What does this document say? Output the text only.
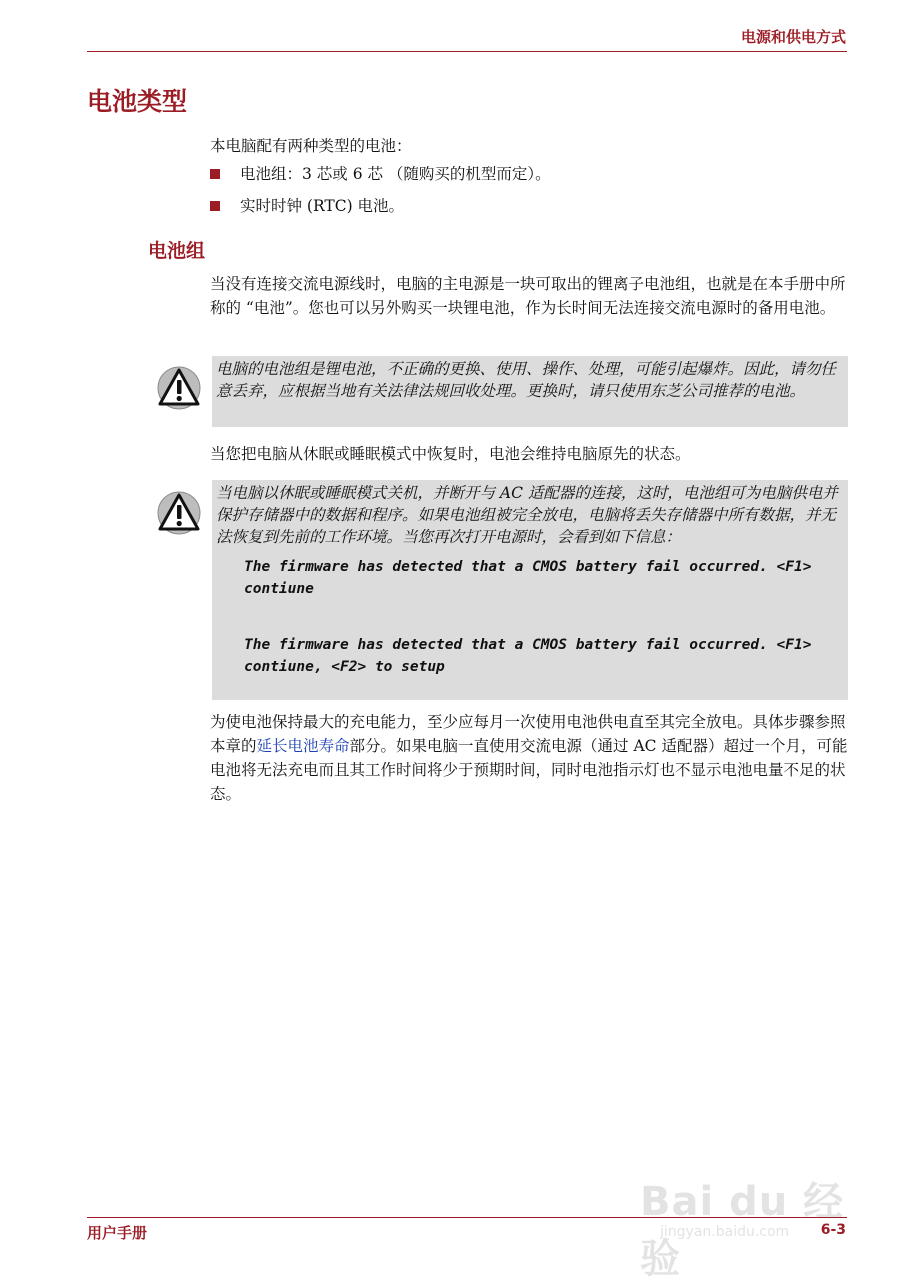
电源和供电方式
电池类型

本电脑配有两种类型的电池：

电池组：3 芯或 6 芯 （随购买的机型而定）。
实时时钟 (RTC) 电池。
电池组

当没有连接交流电源线时，电脑的主电源是一块可取出的锂离子电池组，也就是在本手册中所称的 “电池”。您也可以另外购买一块锂电池，作为长时间无法连接交流电源时的备用电池。

电脑的电池组是锂电池，不正确的更换、使用、操作、处理，可能引起爆炸。因此，请勿任意丢弃，应根据当地有关法律法规回收处理。更换时，请只使用东芝公司推荐的电池。

当您把电脑从休眠或睡眠模式中恢复时，电池会维持电脑原先的状态。

当电脑以休眠或睡眠模式关机，并断开与 AC 适配器的连接，这时，电池组可为电脑供电并保护存储器中的数据和程序。如果电池组被完全放电，电脑将丢失存储器中所有数据，并无法恢复到先前的工作环境。当您再次打开电源时，会看到如下信息：

The firmware has detected that a CMOS battery fail occurred. <F1> contiune
The firmware has detected that a CMOS battery fail occurred. <F1> contiune, <F2> to setup

为使电池保持最大的充电能力，至少应每月一次使用电池供电直至其完全放电。具体步骤参照本章的延长电池寿命部分。如果电脑一直使用交流电源（通过 AC 适配器）超过一个月，可能电池将无法充电而且其工作时间将少于预期时间，同时电池指示灯也不显示电池电量不足的状态。

Bai du 经验
jingyan.baidu.com
用户手册	6-3
